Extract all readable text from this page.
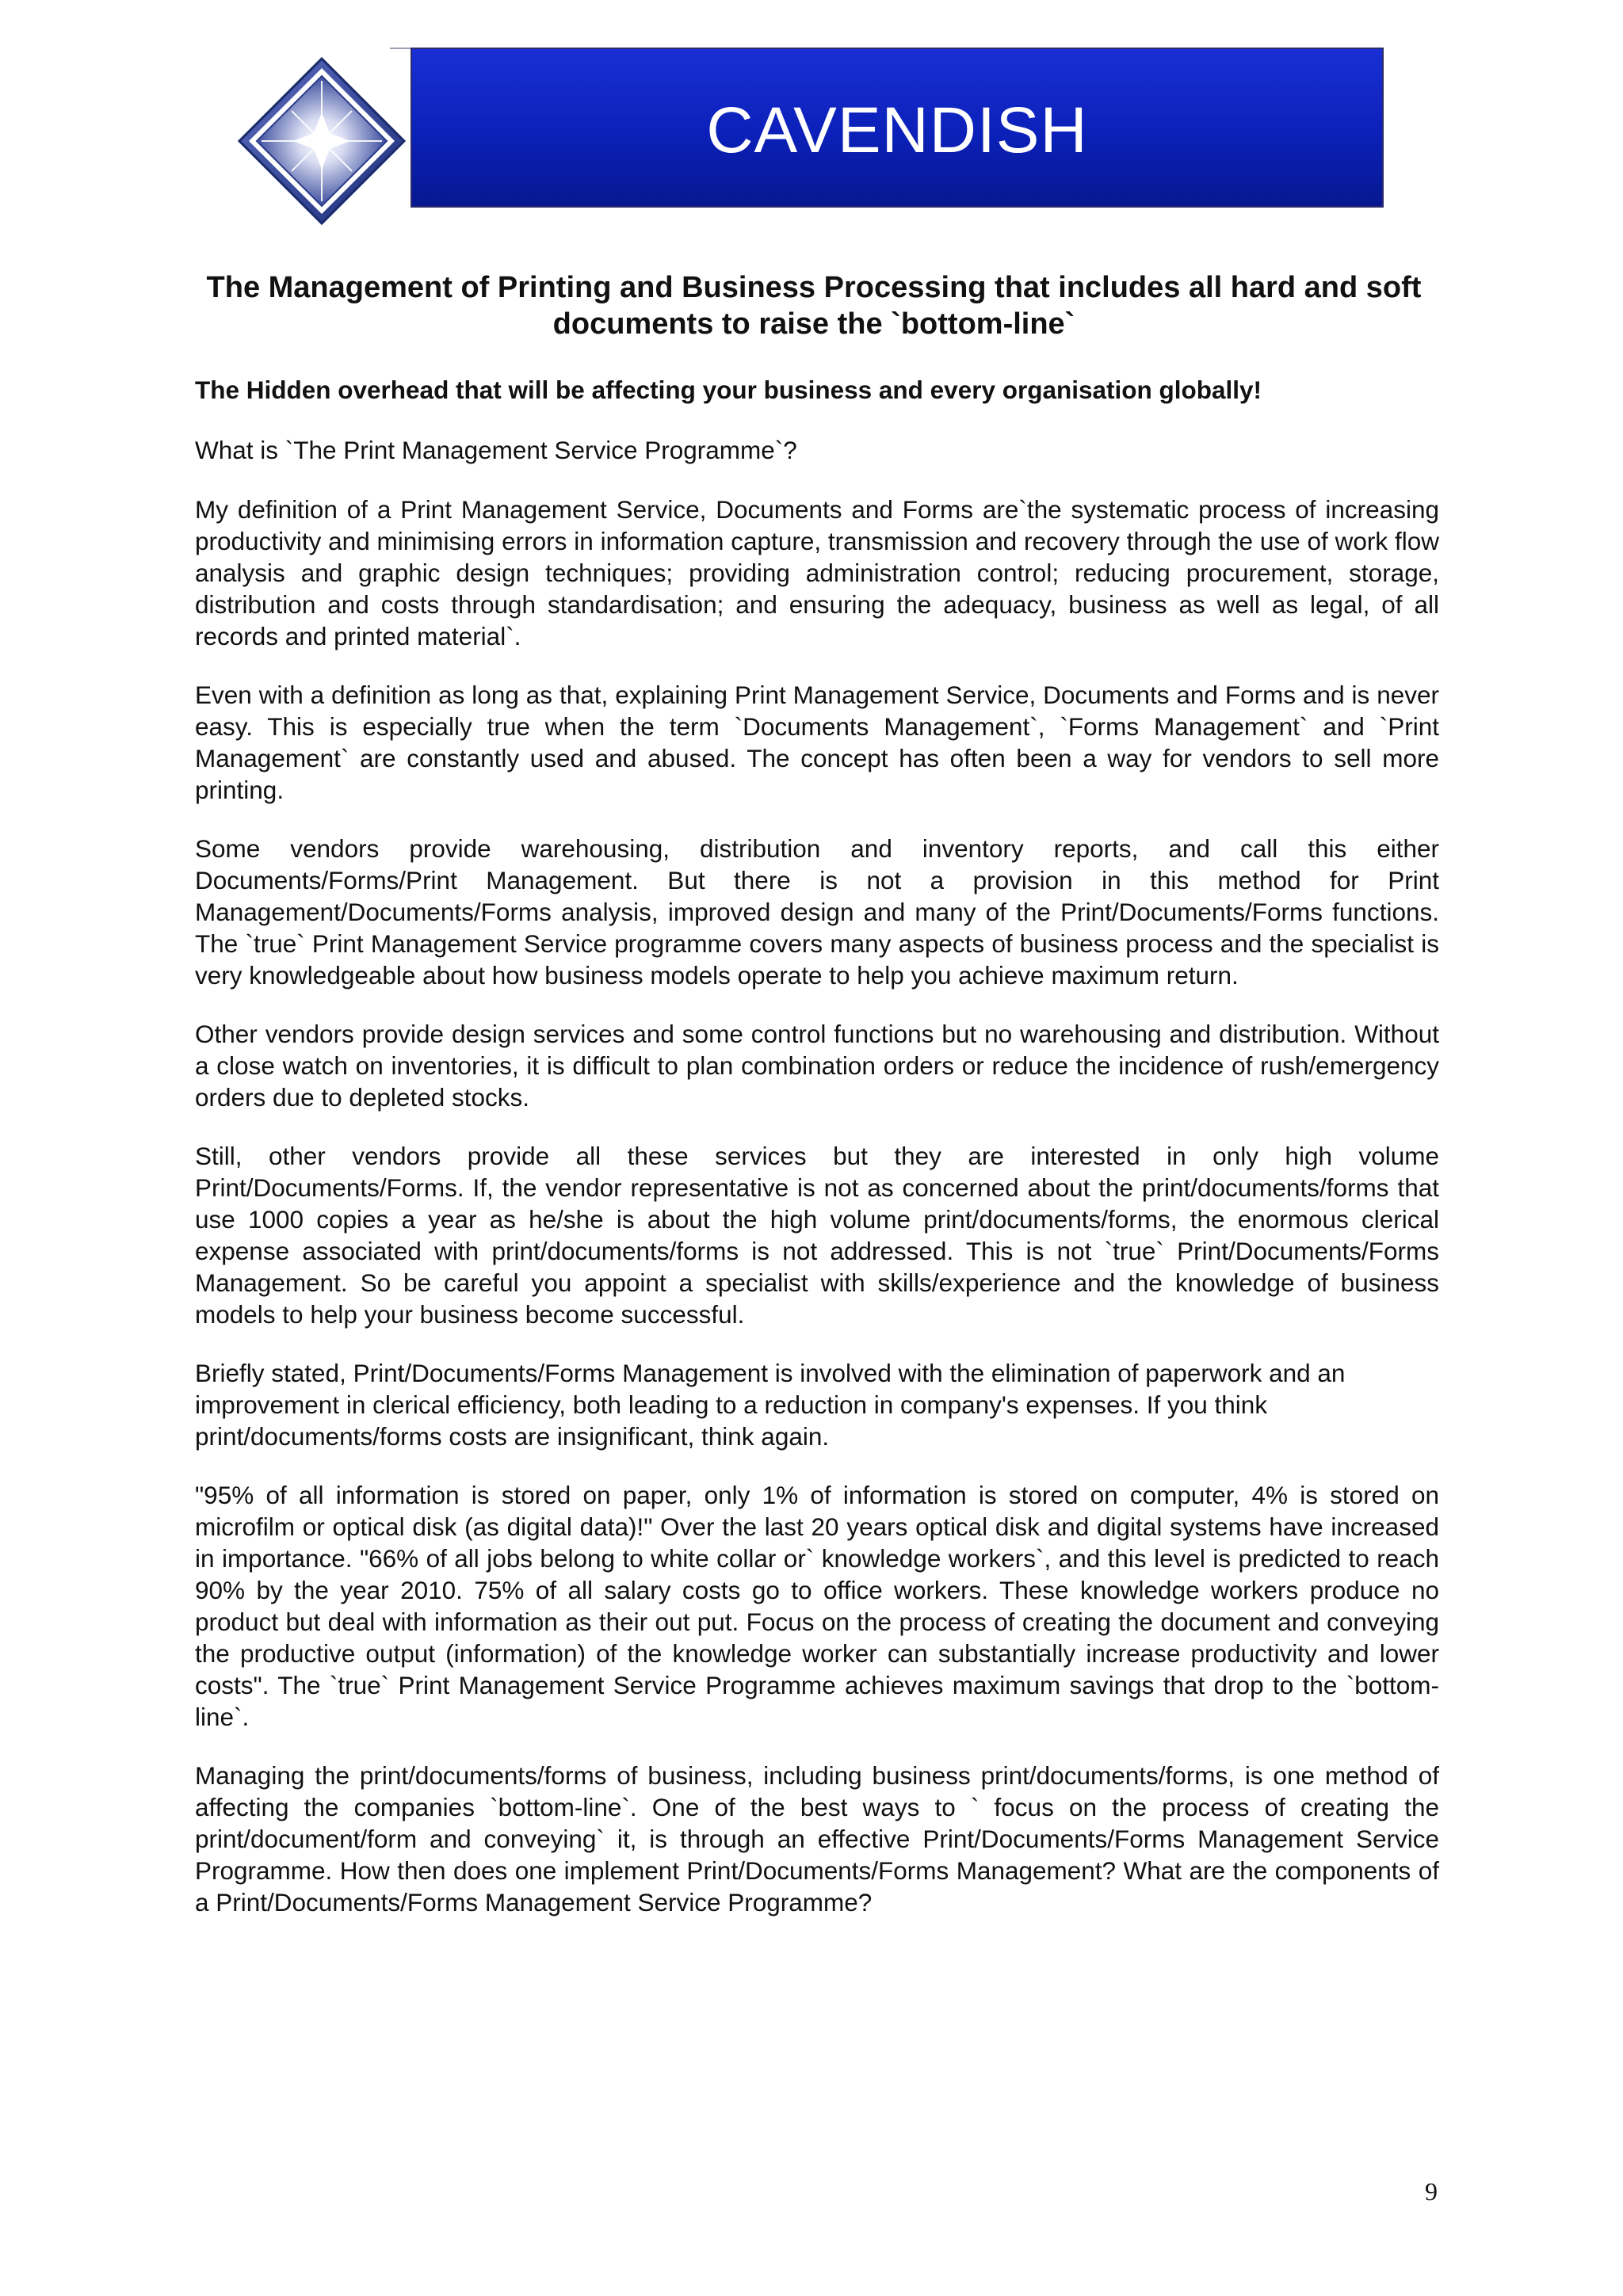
CAVENDISH
The Management of Printing and Business Processing that includes all hard and soft documents to raise the `bottom-line`

The Hidden overhead that will be affecting your business and every organisation globally!

What is `The Print Management Service Programme`?

My definition of a Print Management Service, Documents and Forms are`the systematic process of increasing productivity and minimising errors in information capture, transmission and recovery through the use of work flow analysis and graphic design techniques; providing administration control; reducing procurement, storage, distribution and costs through standardisation; and ensuring the adequacy, business as well as legal, of all records and printed material`.

Even with a definition as long as that, explaining Print Management Service, Documents and Forms and is never easy. This is especially true when the term `Documents Management`, `Forms Management` and `Print Management` are constantly used and abused. The concept has often been a way for vendors to sell more printing.

Some vendors provide warehousing, distribution and inventory reports, and call this either Documents/Forms/Print Management. But there is not a provision in this method for Print Management/Documents/Forms analysis, improved design and many of the Print/Documents/Forms functions. The `true` Print Management Service programme covers many aspects of business process and the specialist is very knowledgeable about how business models operate to help you achieve maximum return.

Other vendors provide design services and some control functions but no warehousing and distribution. Without a close watch on inventories, it is difficult to plan combination orders or reduce the incidence of rush/emergency orders due to depleted stocks.

Still, other vendors provide all these services but they are interested in only high volume Print/Documents/Forms. If, the vendor representative is not as concerned about the print/documents/forms that use 1000 copies a year as he/she is about the high volume print/documents/forms, the enormous clerical expense associated with print/documents/forms is not addressed. This is not `true` Print/Documents/Forms Management. So be careful you appoint a specialist with skills/experience and the knowledge of business models to help your business become successful.

Briefly stated, Print/Documents/Forms Management is involved with the elimination of paperwork and an improvement in clerical efficiency, both leading to a reduction in company's expenses. If you think print/documents/forms costs are insignificant, think again.

"95% of all information is stored on paper, only 1% of information is stored on computer, 4% is stored on microfilm or optical disk (as digital data)!" Over the last 20 years optical disk and digital systems have increased in importance. "66% of all jobs belong to white collar or` knowledge workers`, and this level is predicted to reach 90% by the year 2010. 75% of all salary costs go to office workers. These knowledge workers produce no product but deal with information as their out put. Focus on the process of creating the document and conveying the productive output (information) of the knowledge worker can substantially increase productivity and lower costs". The `true` Print Management Service Programme achieves maximum savings that drop to the `bottom-line`.

Managing the print/documents/forms of business, including business print/documents/forms, is one method of affecting the companies `bottom-line`. One of the best ways to ` focus on the process of creating the print/document/form and conveying` it, is through an effective Print/Documents/Forms Management Service Programme. How then does one implement Print/Documents/Forms Management? What are the components of a Print/Documents/Forms Management Service Programme?

9
